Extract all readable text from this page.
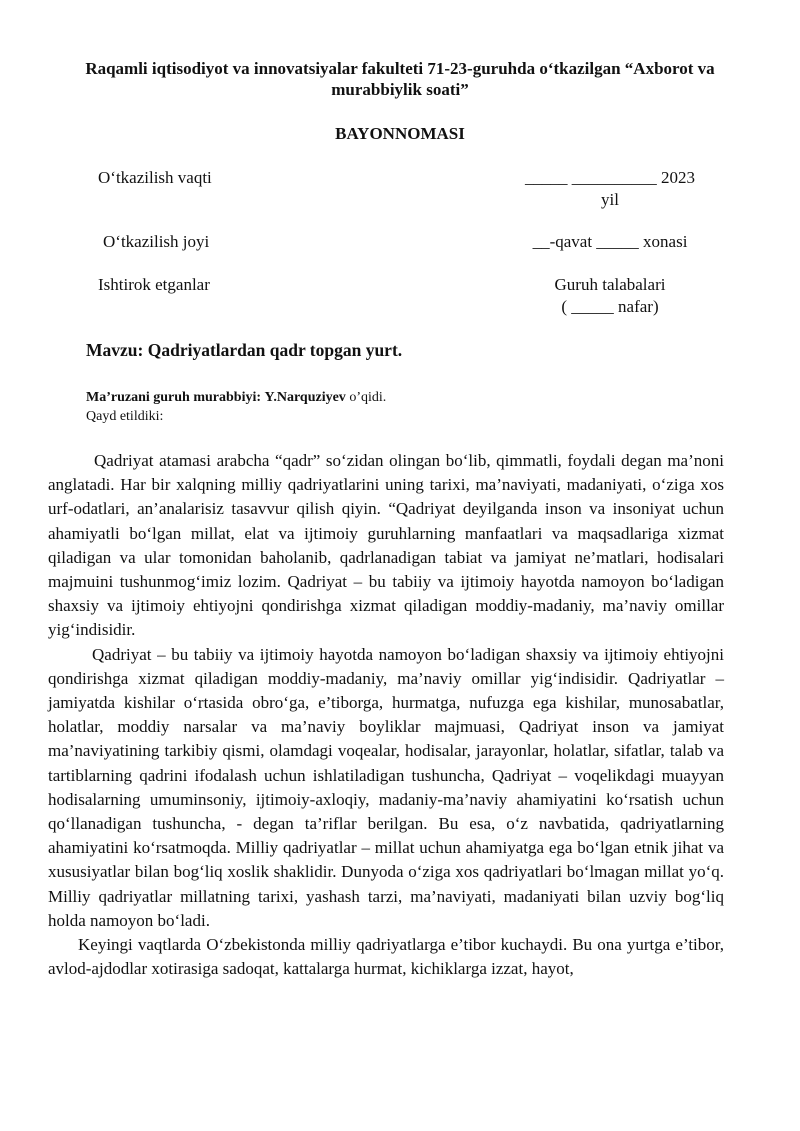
Raqamli iqtisodiyot va innovatsiyalar fakulteti 71-23-guruhda o‘tkazilgan “Axborot va murabbiylik soati”
BAYONNOMASI
O‘tkazilish vaqti	_____ __________ 2023
yil
O‘tkazilish joyi	__-qavat _____ xonasi
Ishtirok etganlar	Guruh talabalari
( _____ nafar)
Mavzu: Qadriyatlardan qadr topgan yurt.
Ma’ruzani guruh murabbiyi: Y.Narquziyev o’qidi.
Qayd etildiki:

Qadriyat atamasi arabcha “qadr” so‘zidan olingan bo‘lib, qimmatli, foydali degan ma’noni anglatadi. Har bir xalqning milliy qadriyatlarini uning tarixi, ma’naviyati, madaniyati, o‘ziga xos urf-odatlari, an’analarisiz tasavvur qilish qiyin. “Qadriyat deyilganda inson va insoniyat uchun ahamiyatli bo‘lgan millat, elat va ijtimoiy guruhlarning manfaatlari va maqsadlariga xizmat qiladigan va ular tomonidan baholanib, qadrlanadigan tabiat va jamiyat ne’matlari, hodisalari majmuini tushunmog‘imiz lozim. Qadriyat – bu tabiiy va ijtimoiy hayotda namoyon bo‘ladigan shaxsiy va ijtimoiy ehtiyojni qondirishga xizmat qiladigan moddiy-madaniy, ma’naviy omillar yig‘indisidir.

Qadriyat – bu tabiiy va ijtimoiy hayotda namoyon bo‘ladigan shaxsiy va ijtimoiy ehtiyojni qondirishga xizmat qiladigan moddiy-madaniy, ma’naviy omillar yig‘indisidir. Qadriyatlar – jamiyatda kishilar o‘rtasida obro‘ga, e’tiborga, hurmatga, nufuzga ega kishilar, munosabatlar, holatlar, moddiy narsalar va ma’naviy boyliklar majmuasi, Qadriyat inson va jamiyat ma’naviyatining tarkibiy qismi, olamdagi voqealar, hodisalar, jarayonlar, holatlar, sifatlar, talab va tartiblarning qadrini ifodalash uchun ishlatiladigan tushuncha, Qadriyat – voqelikdagi muayyan hodisalarning umuminsoniy, ijtimoiy-axloqiy, madaniy-ma’naviy ahamiyatini ko‘rsatish uchun qo‘llanadigan tushuncha, - degan ta’riflar berilgan. Bu esa, o‘z navbatida, qadriyatlarning ahamiyatini ko‘rsatmoqda. Milliy qadriyatlar – millat uchun ahamiyatga ega bo‘lgan etnik jihat va xususiyatlar bilan bog‘liq xoslik shaklidir. Dunyoda o‘ziga xos qadriyatlari bo‘lmagan millat yo‘q. Milliy qadriyatlar millatning tarixi, yashash tarzi, ma’naviyati, madaniyati bilan uzviy bog‘liq holda namoyon bo‘ladi.

Keyingi vaqtlarda O‘zbekistonda milliy qadriyatlarga e’tibor kuchaydi. Bu ona yurtga e’tibor, avlod-ajdodlar xotirasiga sadoqat, kattalarga hurmat, kichiklarga izzat, hayot,
